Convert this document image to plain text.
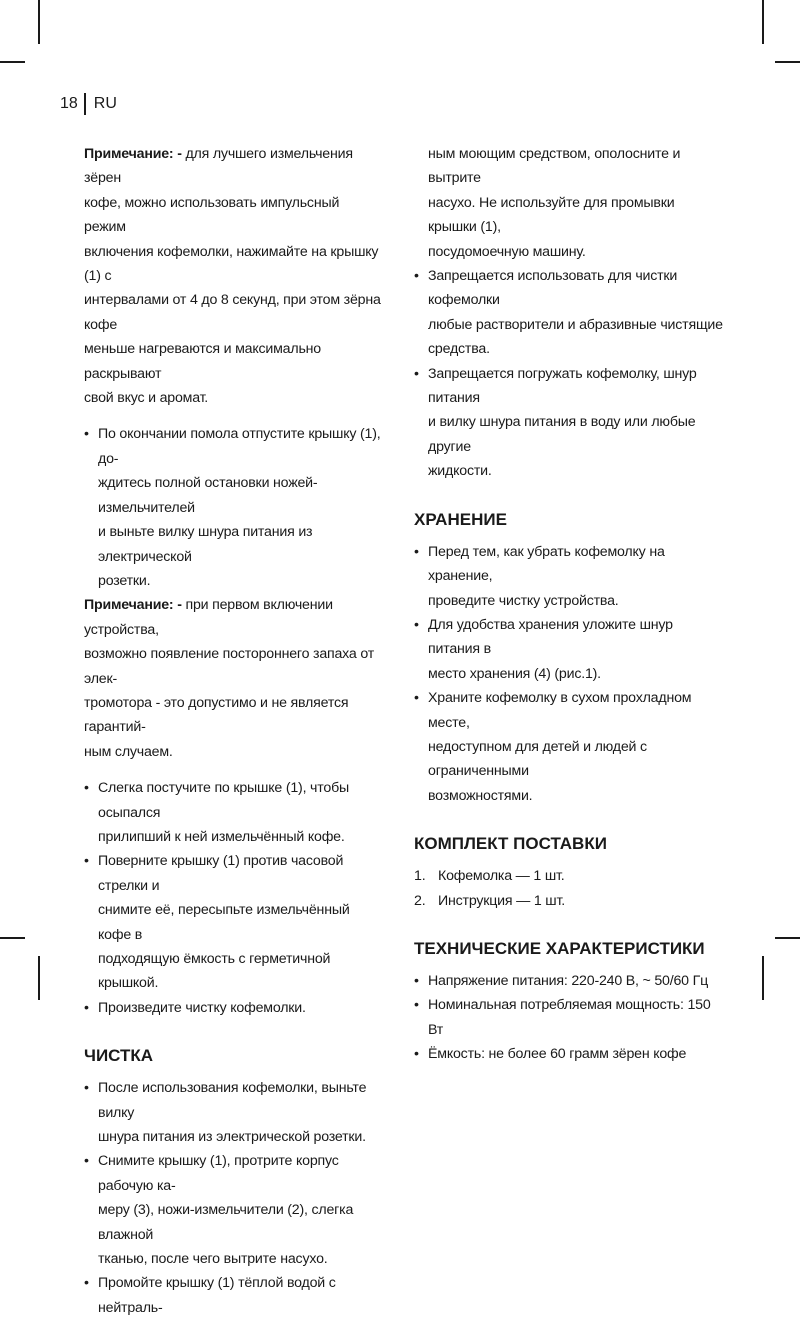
18	RU

Примечание: - для лучшего измельчения зёрен
кофе, можно использовать импульсный режим
включения кофемолки, нажимайте на крышку (1) с
интервалами от 4 до 8 секунд, при этом зёрна кофе
меньше нагреваются и максимально раскрывают
свой вкус и аромат.

• По окончании помола отпустите крышку (1), до-
ждитесь полной остановки ножей-измельчителей
и выньте вилку шнура питания из электрической
розетки.

Примечание: - при первом включении устройства,
возможно появление постороннего запаха от элек-
тромотора - это допустимо и не является гарантий-
ным случаем.

• Слегка постучите по крышке (1), чтобы осыпался
прилипший к ней измельчённый кофе.
• Поверните крышку (1) против часовой стрелки и
снимите её, пересыпьте измельчённый кофе в
подходящую ёмкость с герметичной крышкой.
• Произведите чистку кофемолки.
ЧИСТКА
• После использования кофемолки, выньте вилку
шнура питания из электрической розетки.
• Снимите крышку (1), протрите корпус рабочую ка-
меру (3), ножи-измельчители (2), слегка влажной
тканью, после чего вытрите насухо.
• Промойте крышку (1) тёплой водой с нейтраль-

ным моющим средством, ополосните и вытрите
насухо. Не используйте для промывки крышки (1),
посудомоечную машину.

• Запрещается использовать для чистки кофемолки
любые растворители и абразивные чистящие
средства.
• Запрещается погружать кофемолку, шнур питания
и вилку шнура питания в воду или любые другие
жидкости.
ХРАНЕНИЕ
• Перед тем, как убрать кофемолку на хранение,
проведите чистку устройства.
• Для удобства хранения уложите шнур питания в
место хранения (4) (рис.1).
• Храните кофемолку в сухом прохладном месте,
недоступном для детей и людей с ограниченными
возможностями.
КОМПЛЕКТ ПОСТАВКИ
1. Кофемолка — 1 шт.
2. Инструкция — 1 шт.
ТЕХНИЧЕСКИЕ ХАРАКТЕРИСТИКИ
• Напряжение питания: 220-240 В, ~ 50/60 Гц
• Номинальная потребляемая мощность: 150 Вт
• Ёмкость: не более 60 грамм зёрен кофе
